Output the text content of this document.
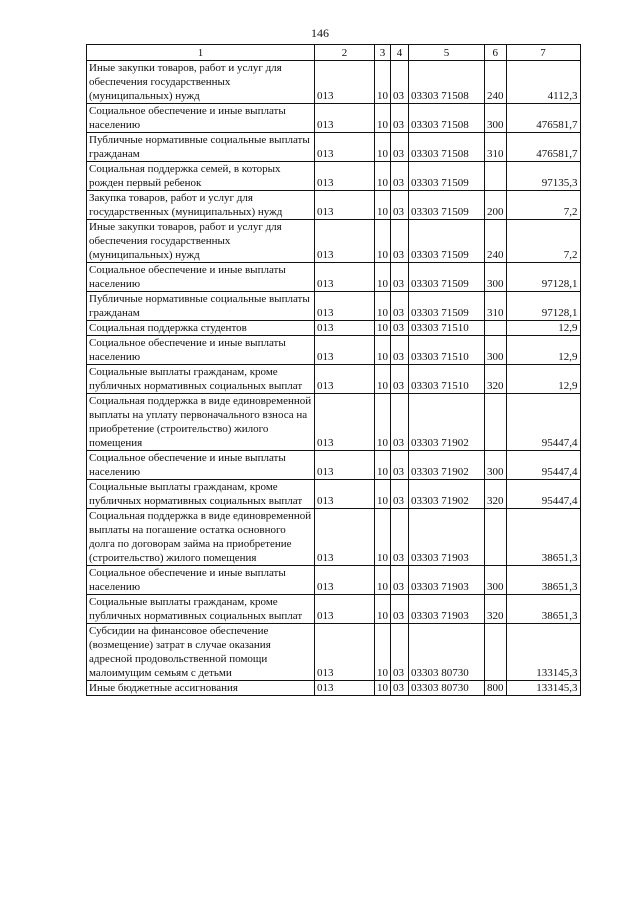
146
1	2	3	4	5	6	7
Иные закупки товаров, работ и услуг для обеспечения государственных (муниципальных) нужд	013	10	03	03303 71508	240	4112,3
Социальное обеспечение и иные выплаты населению	013	10	03	03303 71508	300	476581,7
Публичные нормативные социальные выплаты гражданам	013	10	03	03303 71508	310	476581,7
Социальная поддержка семей, в которых рожден первый ребенок	013	10	03	03303 71509		97135,3
Закупка товаров, работ и услуг для государственных (муниципальных) нужд	013	10	03	03303 71509	200	7,2
Иные закупки товаров, работ и услуг для обеспечения государственных (муниципальных) нужд	013	10	03	03303 71509	240	7,2
Социальное обеспечение и иные выплаты населению	013	10	03	03303 71509	300	97128,1
Публичные нормативные социальные выплаты гражданам	013	10	03	03303 71509	310	97128,1
Социальная поддержка студентов	013	10	03	03303 71510		12,9
Социальное обеспечение и иные выплаты населению	013	10	03	03303 71510	300	12,9
Социальные выплаты гражданам, кроме публичных нормативных социальных выплат	013	10	03	03303 71510	320	12,9
Социальная поддержка в виде единовременной выплаты на уплату первоначального взноса на приобретение (строительство) жилого помещения	013	10	03	03303 71902		95447,4
Социальное обеспечение и иные выплаты населению	013	10	03	03303 71902	300	95447,4
Социальные выплаты гражданам, кроме публичных нормативных социальных выплат	013	10	03	03303 71902	320	95447,4
Социальная поддержка в виде единовременной выплаты на погашение остатка основного долга по договорам займа на приобретение (строительство) жилого помещения	013	10	03	03303 71903		38651,3
Социальное обеспечение и иные выплаты населению	013	10	03	03303 71903	300	38651,3
Социальные выплаты гражданам, кроме публичных нормативных социальных выплат	013	10	03	03303 71903	320	38651,3
Субсидии на финансовое обеспечение (возмещение) затрат в случае оказания адресной продовольственной помощи малоимущим семьям с детьми	013	10	03	03303 80730		133145,3
Иные бюджетные ассигнования	013	10	03	03303 80730	800	133145,3
